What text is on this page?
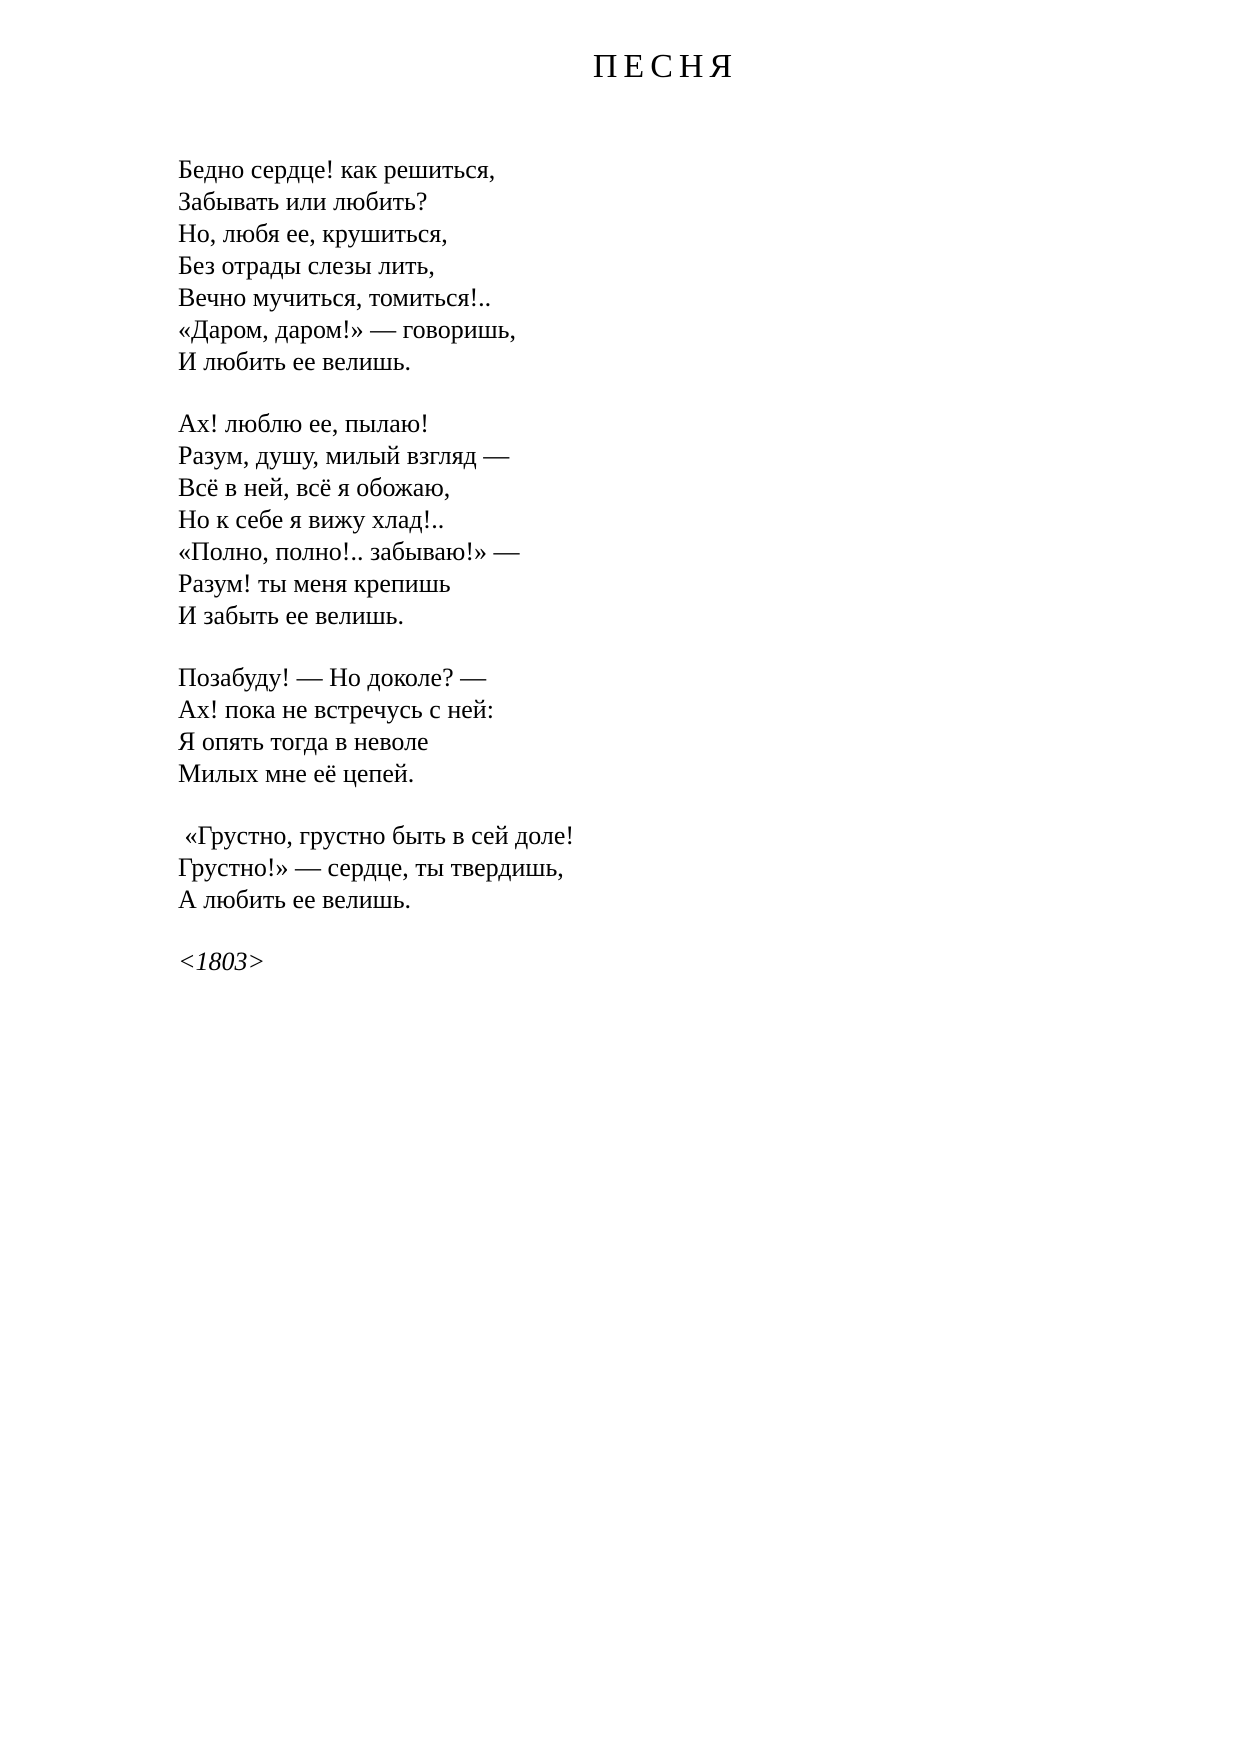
ПЕСНЯ
Бедно сердце! как решиться,
Забывать или любить?
Но, любя ее, крушиться,
Без отрады слезы лить,
Вечно мучиться, томиться!..
«Даром, даром!» — говоришь,
И любить ее велишь.
Ах! люблю ее, пылаю!
Разум, душу, милый взгляд —
Всё в ней, всё я обожаю,
Но к себе я вижу хлад!..
«Полно, полно!.. забываю!» —
Разум! ты меня крепишь
И забыть ее велишь.
Позабуду! — Но доколе? —
Ах! пока не встречусь с ней:
Я опять тогда в неволе
Милых мне её цепей.
«Грустно, грустно быть в сей доле!
Грустно!» — сердце, ты твердишь,
А любить ее велишь.
<1803>
